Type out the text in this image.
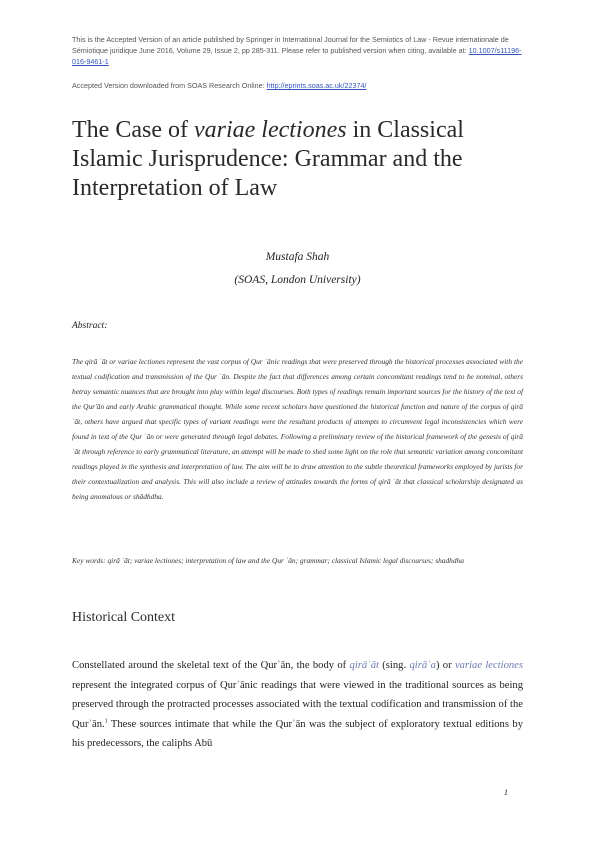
This is the Accepted Version of an article published by Springer in International Journal for the Semiotics of Law - Revue internationale de Sémiotique juridique June 2016, Volume 29, Issue 2, pp 285-311. Please refer to published version when citing, available at: 10.1007/s11196-016-9461-1
Accepted Version downloaded from SOAS Research Online: http://eprints.soas.ac.uk/22374/
The Case of variae lectiones in Classical Islamic Jurisprudence: Grammar and the Interpretation of Law
Mustafa Shah
(SOAS, London University)
Abstract:

The qirā ʾāt or variae lectiones represent the vast corpus of Qur ʾānic readings that were preserved through the historical processes associated with the textual codification and transmission of the Qur ʾān. Despite the fact that differences among certain concomitant readings tend to be nominal, others betray semantic nuances that are brought into play within legal discourses. Both types of readings remain important sources for the history of the text of the Qur'ān and early Arabic grammatical thought. While some recent scholars have questioned the historical function and nature of the corpus of qirā ʾāt, others have argued that specific types of variant readings were the resultant products of attempts to circumvent legal inconsistencies which were found in text of the Qur ʾān or were generated through legal debates. Following a preliminary review of the historical framework of the genesis of qirā ʾāt through reference to early grammatical literature, an attempt will be made to shed some light on the role that semantic variation among concomitant readings played in the synthesis and interpretation of law. The aim will be to draw attention to the subtle theoretical frameworks employed by jurists for their contextualization and analysis. This will also include a review of attitudes towards the forms of qirā ʾāt that classical scholarship designated as being anomalous or shādhdha.

Key words: qirā ʾāt; variae lectiones; interpretation of law and the Qur ʾān; grammar; classical Islamic legal discourses; shadhdha

Historical Context

Constellated around the skeletal text of the Qurʾān, the body of qirāʾāt (sing. qirāʾa) or variae lectiones represent the integrated corpus of Qurʾānic readings that were viewed in the traditional sources as being preserved through the protracted processes associated with the textual codification and transmission of the Qurʾān.$^1$ These sources intimate that while the Qurʾān was the subject of exploratory textual editions by his predecessors, the caliphs Abū

1
